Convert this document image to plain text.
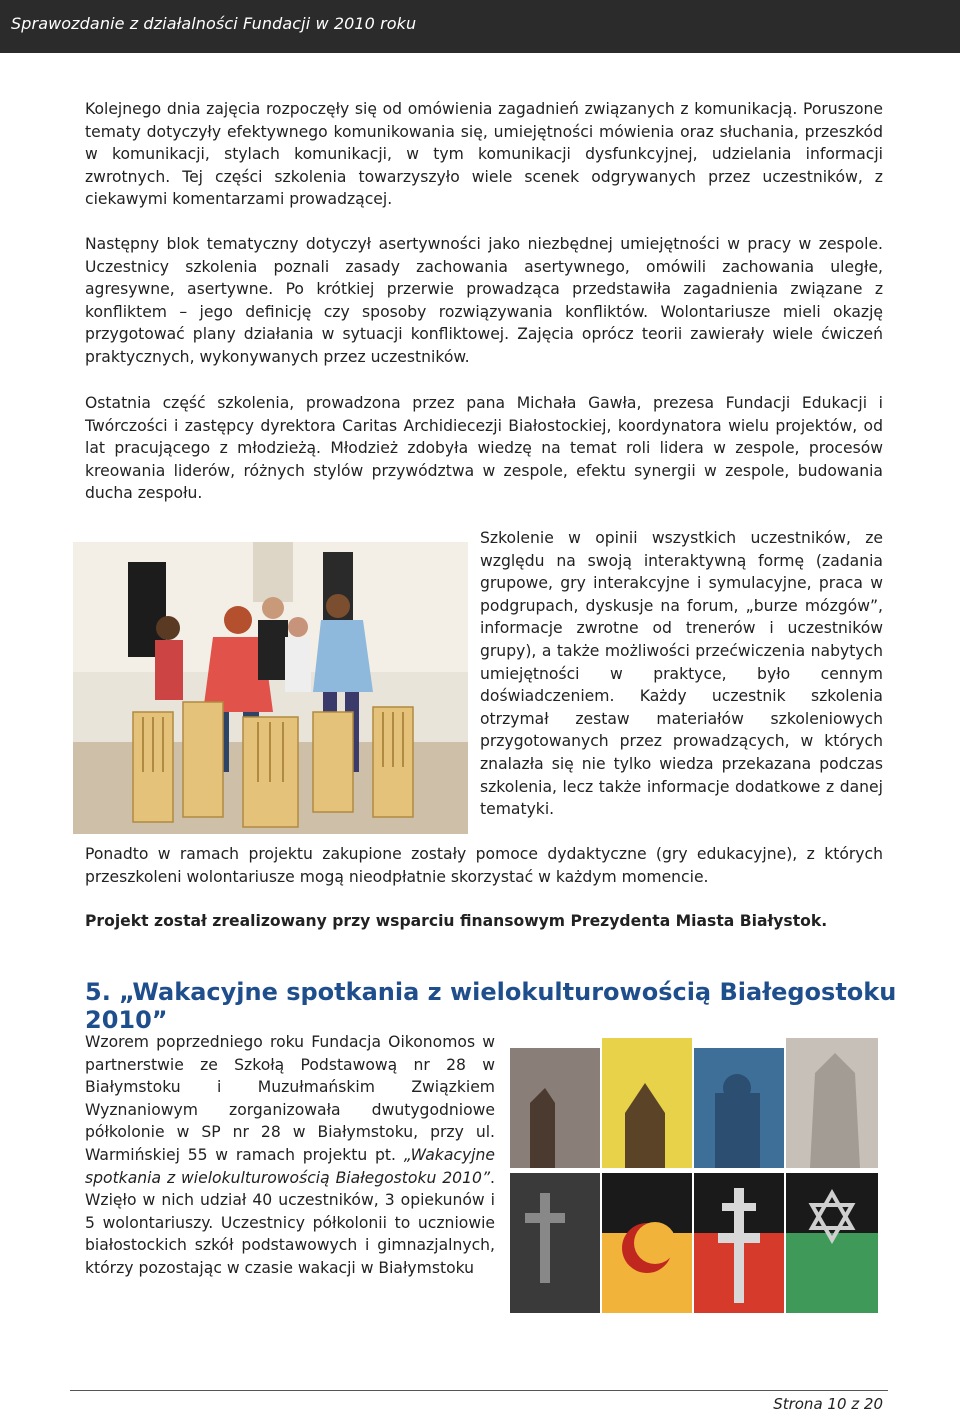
Sprawozdanie z działalności Fundacji w 2010 roku

Kolejnego dnia zajęcia rozpoczęły się od omówienia zagadnień związanych z komunikacją. Poruszone tematy dotyczyły efektywnego komunikowania się, umiejętności mówienia oraz słuchania, przeszkód w komunikacji, stylach komunikacji, w tym komunikacji dysfunkcyjnej, udzielania informacji zwrotnych. Tej części szkolenia towarzyszyło wiele scenek odgrywanych przez uczestników, z ciekawymi komentarzami prowadzącej.

Następny blok tematyczny dotyczył asertywności jako niezbędnej umiejętności w pracy w zespole. Uczestnicy szkolenia poznali zasady zachowania asertywnego, omówili zachowania uległe, agresywne, asertywne. Po krótkiej przerwie prowadząca przedstawiła zagadnienia związane z konfliktem – jego definicję czy sposoby rozwiązywania konfliktów. Wolontariusze mieli okazję przygotować plany działania w sytuacji konfliktowej. Zajęcia oprócz teorii zawierały wiele ćwiczeń praktycznych, wykonywanych przez uczestników.

Ostatnia część szkolenia, prowadzona przez pana Michała Gawła, prezesa Fundacji Edukacji i Twórczości i zastępcy dyrektora Caritas Archidiecezji Białostockiej, koordynatora wielu projektów, od lat pracującego z młodzieżą. Młodzież zdobyła wiedzę na temat roli lidera w zespole, procesów kreowania liderów, różnych stylów przywództwa w zespole, efektu synergii w zespole, budowania ducha zespołu.

Szkolenie w opinii wszystkich uczestników, ze względu na swoją interaktywną formę (zadania grupowe, gry interakcyjne i symulacyjne, praca w podgrupach, dyskusje na forum, „burze mózgów”, informacje zwrotne od trenerów i uczestników grupy), a także możliwości przećwiczenia nabytych umiejętności w praktyce, było cennym doświadczeniem. Każdy uczestnik szkolenia otrzymał zestaw materiałów szkoleniowych przygotowanych przez prowadzących, w których znalazła się nie tylko wiedza przekazana podczas szkolenia, lecz także informacje dodatkowe z danej tematyki.

Ponadto w ramach projektu zakupione zostały pomoce dydaktyczne (gry edukacyjne), z których przeszkoleni wolontariusze mogą nieodpłatnie skorzystać w każdym momencie.

Projekt został zrealizowany przy wsparciu finansowym Prezydenta Miasta Białystok.

5. „Wakacyjne spotkania z wielokulturowością Białegostoku 2010”

Wzorem poprzedniego roku Fundacja Oikonomos w partnerstwie ze Szkołą Podstawową nr 28 w Białymstoku i Muzułmańskim Związkiem Wyznaniowym zorganizowała dwutygodniowe półkolonie w SP nr 28 w Białymstoku, przy ul. Warmińskiej 55 w ramach projektu pt. „Wakacyjne spotkania z wielokulturowością Białegostoku 2010”. Wzięło w nich udział 40 uczestników, 3 opiekunów i 5 wolontariuszy. Uczestnicy półkolonii to uczniowie białostockich szkół podstawowych i gimnazjalnych, którzy pozostając w czasie wakacji w Białymstoku

Strona 10 z 20
